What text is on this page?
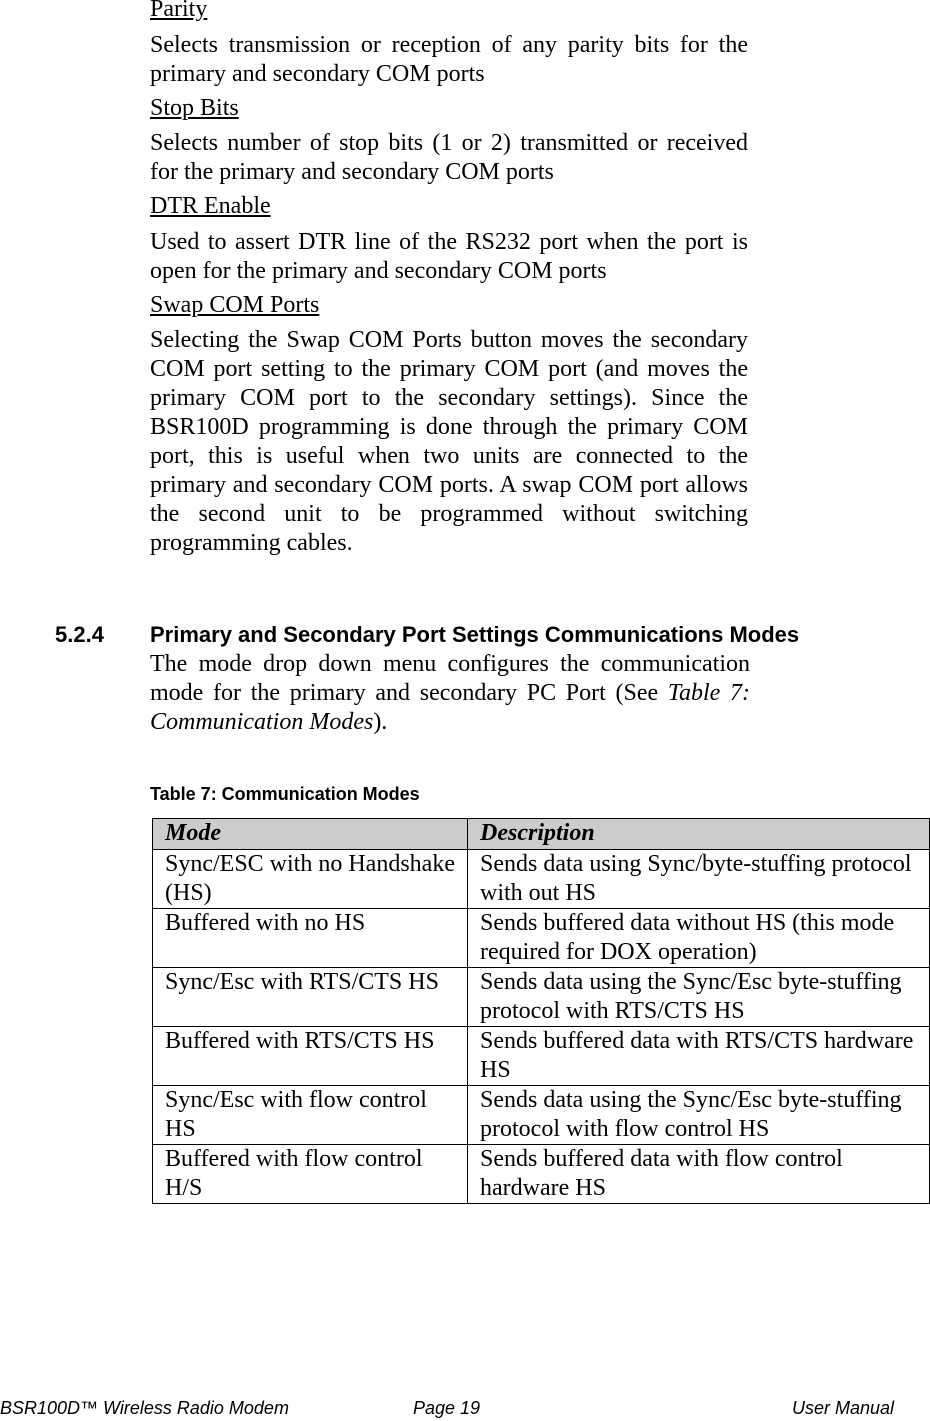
Parity

Selects transmission or reception of any parity bits for the primary and secondary COM ports

Stop Bits

Selects number of stop bits (1 or 2) transmitted or received for the primary and secondary COM ports

DTR Enable

Used to assert DTR line of the RS232 port when the port is open for the primary and secondary COM ports

Swap COM Ports

Selecting the Swap COM Ports button moves the secondary COM port setting to the primary COM port (and moves the primary COM port to the secondary settings). Since the BSR100D programming is done through the primary COM port, this is useful when two units are connected to the primary and secondary COM ports. A swap COM port allows the second unit to be programmed without switching programming cables.

5.2.4 Primary and Secondary Port Settings Communications Modes

The mode drop down menu configures the communication mode for the primary and secondary PC Port (See Table 7: Communication Modes).

Table 7: Communication Modes

Mode	Description
Sync/ESC with no Handshake (HS)	Sends data using Sync/byte-stuffing protocol with out HS
Buffered with no HS	Sends buffered data without HS (this mode required for DOX operation)
Sync/Esc with RTS/CTS HS	Sends data using the Sync/Esc byte-stuffing protocol with RTS/CTS HS
Buffered with RTS/CTS HS	Sends buffered data with RTS/CTS hardware HS
Sync/Esc with flow control HS	Sends data using the Sync/Esc byte-stuffing protocol with flow control HS
Buffered with flow control H/S	Sends buffered data with flow control hardware HS
BSR100D™ Wireless Radio Modem	Page 19	User Manual
